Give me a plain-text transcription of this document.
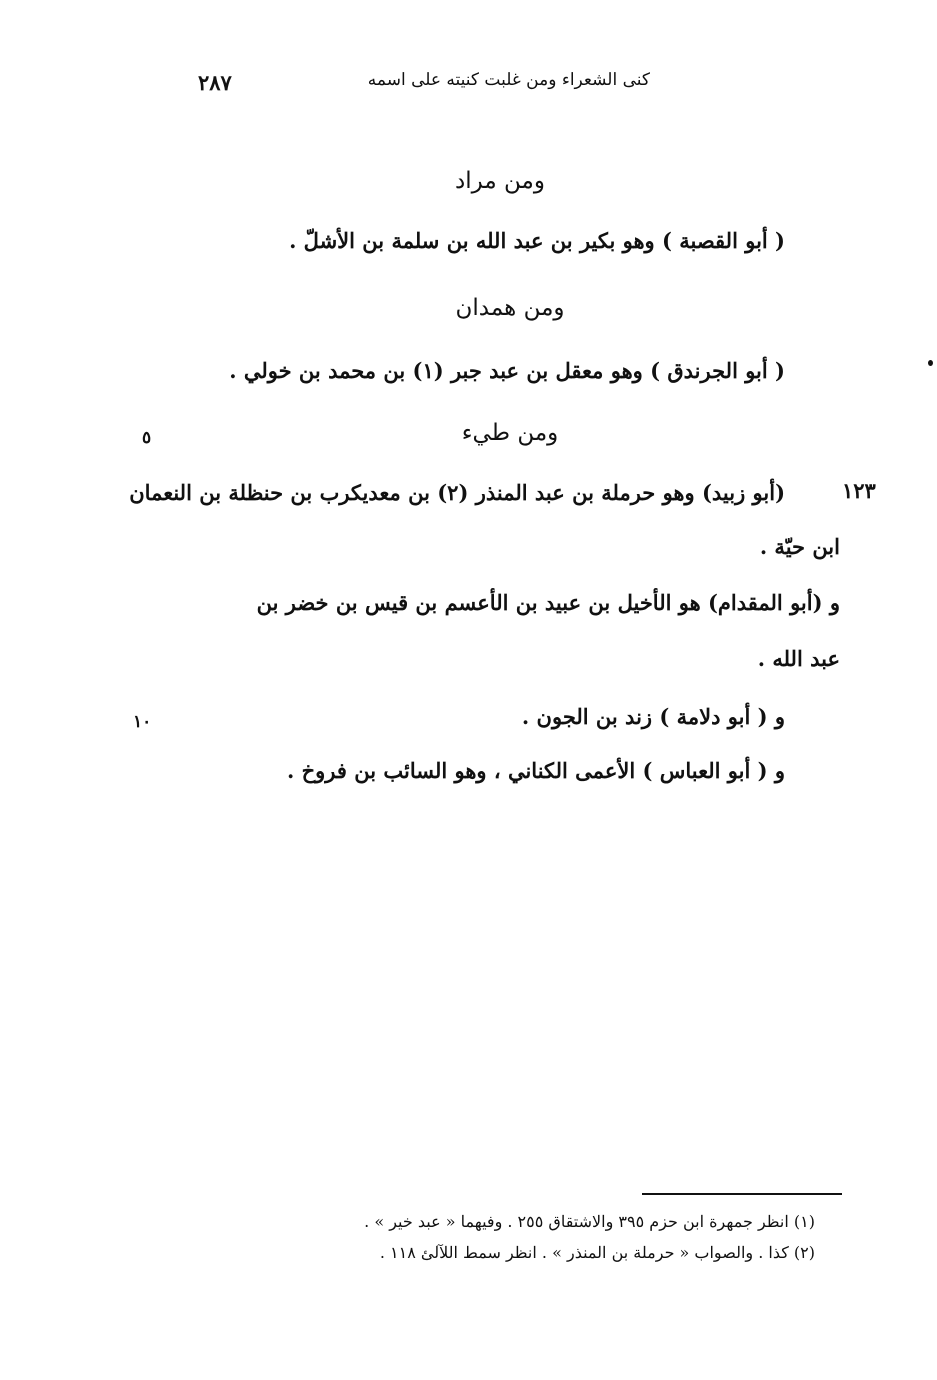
كنى الشعراء ومن غلبت كنيته على اسمه
٢٨٧
ومن مراد
( أبو القصبة ) وهو بكير بن عبد الله بن سلمة بن الأشلّ .
ومن همدان
( أبو الجرندق ) وهو معقل بن عبد جبر (١) بن محمد بن خولي .
ومن طيء
٥
١٢٣
(أبو زبيد) وهو حرملة بن عبد المنذر (٢) بن معديكرب بن حنظلة بن النعمان
ابن حيّة .
و (أبو المقدام) هو الأخيل بن عبيد بن الأعسم بن قيس بن خضر بن
عبد الله .
١٠	و ( أبو دلامة ) زند بن الجون .
و ( أبو العباس ) الأعمى الكناني ، وهو السائب بن فروخ .
(١) انظر جمهرة ابن حزم ٣٩٥ والاشتقاق ٢٥٥ . وفيهما « عبد خير » .
(٢) كذا . والصواب « حرملة بن المنذر » . انظر سمط اللآلئ ١١٨ .
